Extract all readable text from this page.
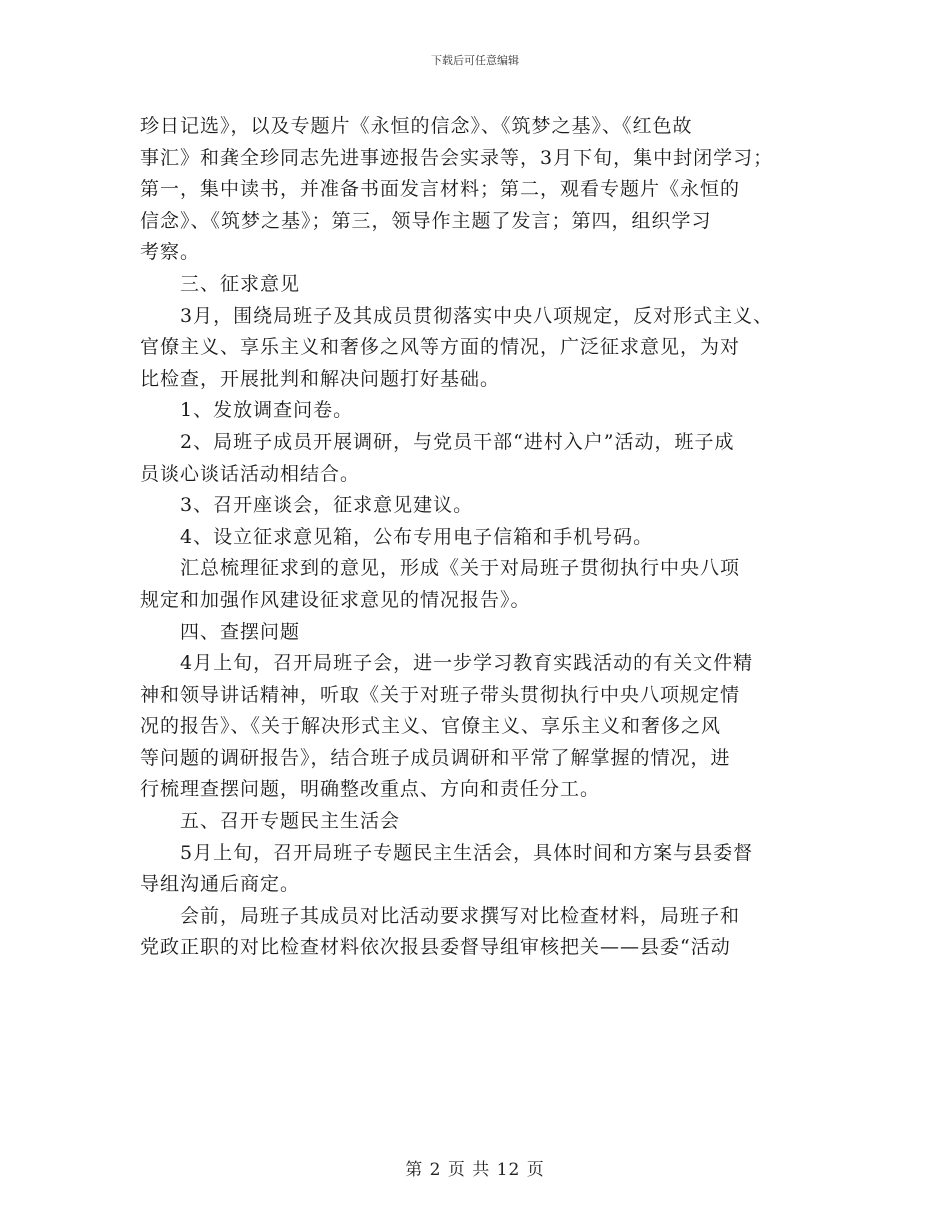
下载后可任意编辑
珍日记选》，以及专题片《永恒的信念》、《筑梦之基》、《红色故
事汇》和龚全珍同志先进事迹报告会实录等，3月下旬，集中封闭学习；
第一，集中读书，并准备书面发言材料；第二，观看专题片《永恒的
信念》、《筑梦之基》；第三，领导作主题了发言；第四，组织学习
考察。
三、征求意见
3月，围绕局班子及其成员贯彻落实中央八项规定，反对形式主义、
官僚主义、享乐主义和奢侈之风等方面的情况，广泛征求意见，为对
比检查，开展批判和解决问题打好基础。
1、发放调查问卷。
2、局班子成员开展调研，与党员干部“进村入户”活动，班子成
员谈心谈话活动相结合。
3、召开座谈会，征求意见建议。
4、设立征求意见箱，公布专用电子信箱和手机号码。
汇总梳理征求到的意见，形成《关于对局班子贯彻执行中央八项
规定和加强作风建设征求意见的情况报告》。
四、查摆问题
4月上旬，召开局班子会，进一步学习教育实践活动的有关文件精
神和领导讲话精神，听取《关于对班子带头贯彻执行中央八项规定情
况的报告》、《关于解决形式主义、官僚主义、享乐主义和奢侈之风
等问题的调研报告》，结合班子成员调研和平常了解掌握的情况，进
行梳理查摆问题，明确整改重点、方向和责任分工。
五、召开专题民主生活会
5月上旬，召开局班子专题民主生活会，具体时间和方案与县委督
导组沟通后商定。
会前，局班子其成员对比活动要求撰写对比检查材料，局班子和
党政正职的对比检查材料依次报县委督导组审核把关——县委“活动
第 2 页 共 12 页
